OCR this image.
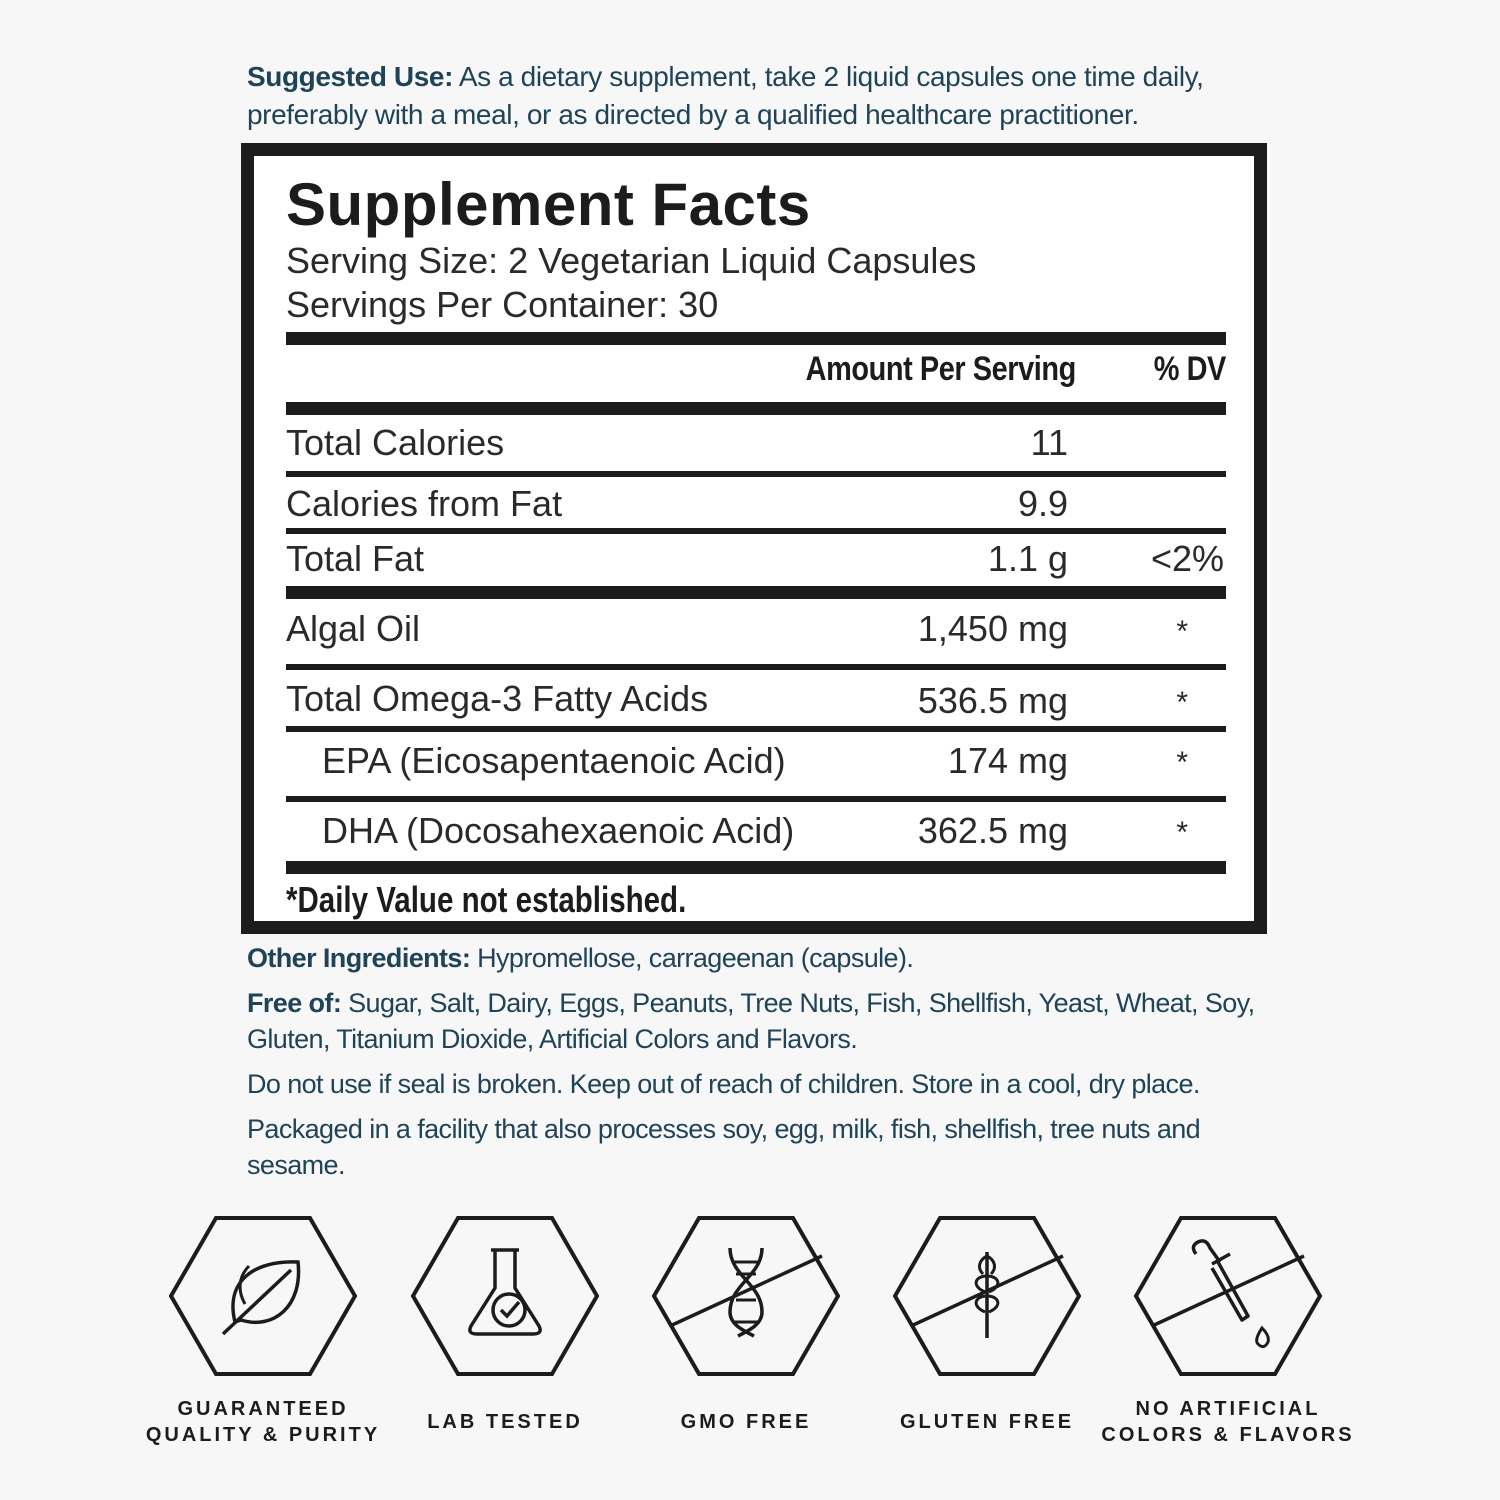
Suggested Use: As a dietary supplement, take 2 liquid capsules one time daily, preferably with a meal, or as directed by a qualified healthcare practitioner.
Supplement Facts
Serving Size: 2 Vegetarian Liquid Capsules
Servings Per Container: 30
Amount Per Serving % DV
Total Calories	11
Calories from Fat	9.9
Total Fat	1.1 g <2%
Algal Oil	1,450 mg	*
Total Omega-3 Fatty Acids	536.5 mg	*
EPA (Eicosapentaenoic Acid)	174 mg	*
DHA (Docosahexaenoic Acid)	362.5 mg	*
*Daily Value not established.
Other Ingredients: Hypromellose, carrageenan (capsule).
Free of: Sugar, Salt, Dairy, Eggs, Peanuts, Tree Nuts, Fish, Shellfish, Yeast, Wheat, Soy, Gluten, Titanium Dioxide, Artificial Colors and Flavors.
Do not use if seal is broken. Keep out of reach of children. Store in a cool, dry place.
Packaged in a facility that also processes soy, egg, milk, fish, shellfish, tree nuts and sesame.
GUARANTEED
QUALITY & PURITY
LAB TESTED	GMO FREE	GLUTEN FREE
NO ARTIFICIAL
COLORS & FLAVORS
